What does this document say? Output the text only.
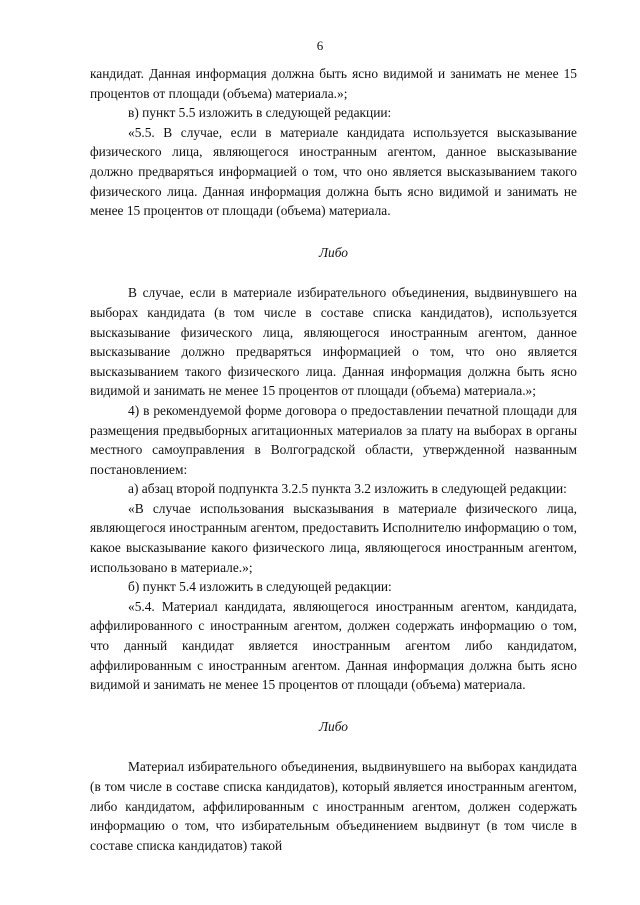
6

кандидат. Данная информация должна быть ясно видимой и занимать не менее 15 процентов от площади (объема) материала.»;

в) пункт 5.5 изложить в следующей редакции:

«5.5. В случае, если в материале кандидата используется высказывание физического лица, являющегося иностранным агентом, данное высказывание должно предваряться информацией о том, что оно является высказыванием такого физического лица. Данная информация должна быть ясно видимой и занимать не менее 15 процентов от площади (объема) материала.

Либо

В случае, если в материале избирательного объединения, выдвинувшего на выборах кандидата (в том числе в составе списка кандидатов), используется высказывание физического лица, являющегося иностранным агентом, данное высказывание должно предваряться информацией о том, что оно является высказыванием такого физического лица. Данная информация должна быть ясно видимой и занимать не менее 15 процентов от площади (объема) материала.»;

4) в рекомендуемой форме договора о предоставлении печатной площади для размещения предвыборных агитационных материалов за плату на выборах в органы местного самоуправления в Волгоградской области, утвержденной названным постановлением:

а) абзац второй подпункта 3.2.5 пункта 3.2 изложить в следующей редакции:

«В случае использования высказывания в материале физического лица, являющегося иностранным агентом, предоставить Исполнителю информацию о том, какое высказывание какого физического лица, являющегося иностранным агентом, использовано в материале.»;

б) пункт 5.4 изложить в следующей редакции:

«5.4. Материал кандидата, являющегося иностранным агентом, кандидата, аффилированного с иностранным агентом, должен содержать информацию о том, что данный кандидат является иностранным агентом либо кандидатом, аффилированным с иностранным агентом. Данная информация должна быть ясно видимой и занимать не менее 15 процентов от площади (объема) материала.

Либо

Материал избирательного объединения, выдвинувшего на выборах кандидата (в том числе в составе списка кандидатов), который является иностранным агентом, либо кандидатом, аффилированным с иностранным агентом, должен содержать информацию о том, что избирательным объединением выдвинут (в том числе в составе списка кандидатов) такой
